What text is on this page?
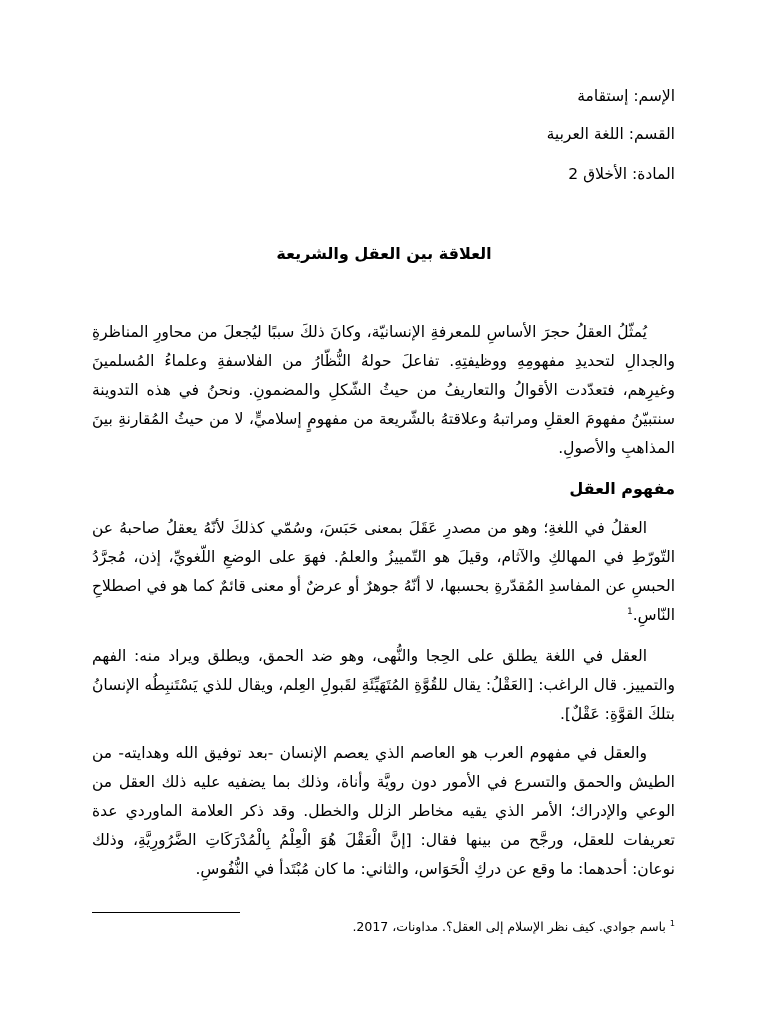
الإسم: إستقامة
القسم: اللغة العربية
المادة: الأخلاق 2
العلاقة بين العقل والشريعة

يُمثّلُ العقلُ حجرَ الأساسِ للمعرفةِ الإنسانيّة، وكانَ ذلكَ سببًا ليُجعلَ من محاورِ المناظرةِ والجدالِ لتحديدِ مفهومِهِ ووظيفتِهِ. تفاعلَ حولهُ النُّظّارُ من الفلاسفةِ وعلماءُ المُسلمينَ وغيرِهم، فتعدّدت الأقوالُ والتعاريفُ من حيثُ الشّكلِ والمضمونِ. ونحنُ في هذه التدوينة سنتبيّنُ مفهومَ العقلِ ومراتبهُ وعلاقتهُ بالشّريعة من مفهومٍ إسلاميٍّ، لا من حيثُ المُقارنةِ بينَ المذاهبِ والأصولِ.

مفهوم العقل

العقلُ في اللغةِ؛ وهو من مصدرِ عَقَلَ بمعنى حَبَسَ، وسُمّي كذلكَ لأنّهُ يعقلُ صاحبهُ عن التّورّطِ في المهالكِ والآثام، وقيلَ هو التّمييزُ والعلمُ. فهوَ على الوضعِ اللّغويِّ، إذن، مُجرَّدُ الحبسِ عن المفاسدِ المُقدّرةِ بحسبها، لا أنّهُ جوهرٌ أو عرضٌ أو معنى قائمٌ كما هو في اصطلاحِ النّاسِ.$^1$

العقل في اللغة يطلق على الحِجا والنُّهى، وهو ضد الحمق، ويطلق ويراد منه: الفهم والتمييز. قال الراغب: [العَقْلُ: يقال للقُوَّةِ المُتَهَيِّئَةِ لقَبولِ العِلم، ويقال للذي يَسْتَنبِطُه الإنسانُ بتلكَ القوَّةِ: عَقْلٌ].

والعقل في مفهوم العرب هو العاصم الذي يعصم الإنسان -بعد توفيق الله وهدايته- من الطيش والحمق والتسرع في الأمور دون رويَّة وأناة، وذلك بما يضفيه عليه ذلك العقل من الوعي والإدراك؛ الأمر الذي يقيه مخاطر الزلل والخطل. وقد ذكر العلامة الماوردي عدة تعريفات للعقل، ورجَّح من بينها فقال: [إنَّ الْعَقْلَ هُوَ الْعِلْمُ بِالْمُدْرَكَاتِ الضَّرُورِيَّةِ، وذلك نوعان: أحدهما: ما وقع عن دركِ الْحَوَاس، والثاني: ما كان مُبْتَدأ في النُّفُوسِ.

$^1$ باسم جوادي. كيف نظر الإسلام إلى العقل؟. مداونات، 2017.
